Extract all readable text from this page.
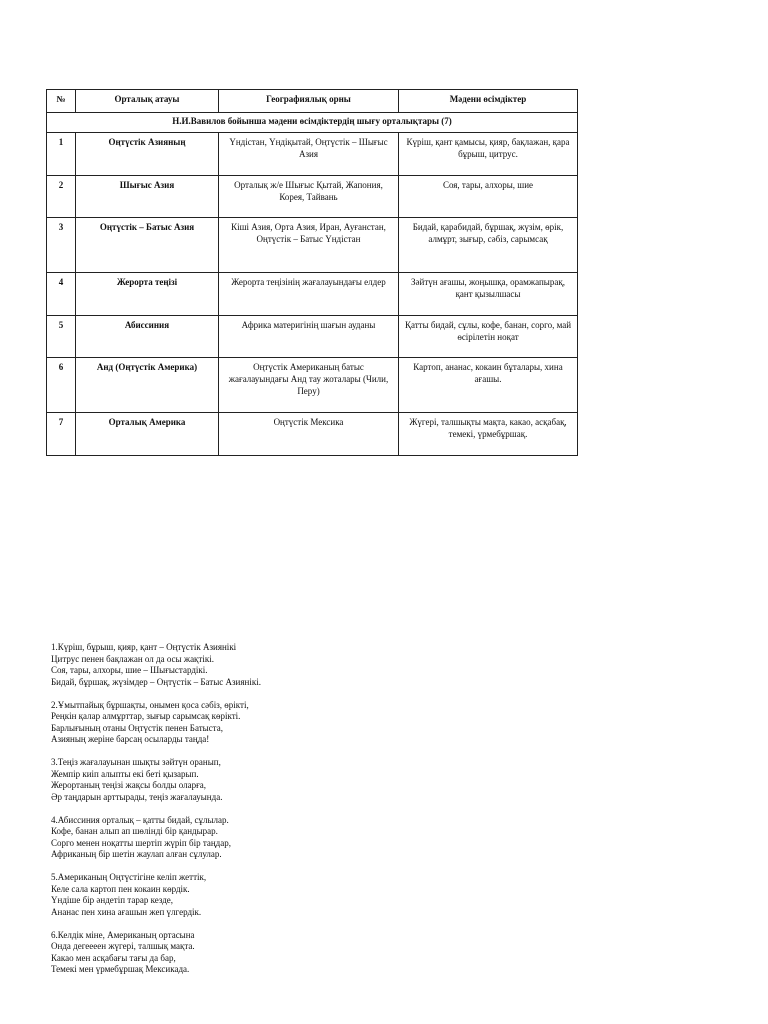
Н.И.Вавилов бойынша мәдени өсімдіктердің шығу орталықтары (7)			
№	Орталық атауы	Географиялық орны	Мәдени өсімдіктер
1	Оңтүстік Азияның	Үндістан, Үндіқытай, Оңтүстік – Шығыс Азия	Күріш, қант қамысы, қияр, бақлажан, қара бұрыш, цитрус.
2	Шығыс Азия	Орталық ж/е Шығыс Қытай, Жапония, Корея, Тайвань	Соя, тары, алхоры, шие
3	Оңтүстік – Батыс Азия	Кіші Азия, Орта Азия, Иран, Ауғанстан, Оңтүстік – Батыс Үндістан	Бидай, қарабидай, бұршақ, жүзім, өрік, алмұрт, зығыр, сәбіз, сарымсақ
4	Жерорта теңізі	Жерорта теңізінің жағалауындағы елдер	Зәйтүн ағашы, жоңышқа, орамжапырақ, қант қызылшасы
5	Абиссиния	Африка материгінің шағын ауданы	Қатты бидай, сұлы, кофе, банан, сорго, май өсірілетін ноқат
6	Анд (Оңтүстік Америка)	Оңтүстік Американың батыс жағалауындағы Анд тау жоталары (Чили, Перу)	Картоп, ананас, кокаин бұталары, хина ағашы.
7	Орталық Америка	Оңтүстік Мексика	Жүгері, талшықты мақта, какао, асқабақ, темекі, үрмебұршақ.
1.Күріш, бұрыш, қияр, қант – Оңтүстік Азиянікі
Цитрус пенен бақлажан ол да осы жақтікі.
Соя, тары, алхоры, шие – Шығыстардікі.
Бидай, бұршақ, жүзімдер – Оңтүстік – Батыс Азиянікі.
2.Ұмытпайық бұршақты, онымен қоса сәбіз, өрікті,
Реңкін қалар алмұрттар, зығыр сарымсақ көрікті.
Барлығының отаны Оңтүстік пенен Батыста,
Азияның жеріне барсаң осыларды таңда!
3.Теңіз жағалауынан шықты зәйтүн оранып,
Жемпір киіп алыпты екі беті қызарып.
Жерортаның теңізі жақсы болды оларға,
Әр таңдарын арттырады, теңіз жағалауында.
4.Абиссиния орталық – қатты бидай, сұлылар.
Кофе, банан алып ап шөлінді бір қандырар.
Сорго менен ноқатты шертіп жүріп бір таңдар,
Африканың бір шетін жаулап алған сұлулар.
5.Американың Оңтүстігіне келіп жеттік,
Келе сала картоп пен кокаин көрдік.
Үндіше бір әндетіп тарар кезде,
Ананас пен хина ағашын жеп үлгердік.
6.Келдік міне, Американың ортасына
Онда дегеееен жүгері, талшық мақта.
Какао мен асқабағы тағы да бар,
Темекі мен үрмебұршақ Мексикада.
